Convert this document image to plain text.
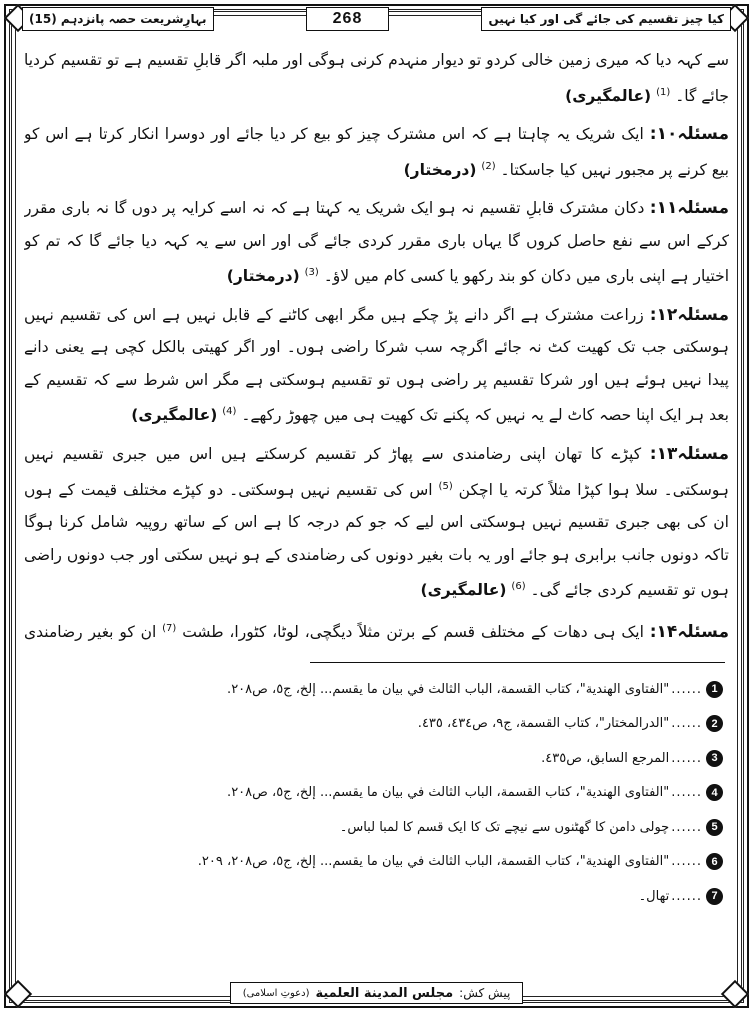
بہارِشریعت حصہ پانزدہم (15)	268	کیا چیز تقسیم کی جائے گی اور کیا نہیں

سے کہہ دیا کہ میری زمین خالی کردو تو دیوار منہدم کرنی ہوگی اور ملبہ اگر قابلِ تقسیم ہے تو تقسیم کردیا جائے گا۔ $^{(1)}$ (عالمگیری)

مسئلہ۱۰: ایک شریک یہ چاہتا ہے کہ اس مشترک چیز کو بیع کر دیا جائے اور دوسرا انکار کرتا ہے اس کو بیع کرنے پر مجبور نہیں کیا جاسکتا۔ $^{(2)}$ (درمختار)

مسئلہ۱۱: دکان مشترک قابلِ تقسیم نہ ہو ایک شریک یہ کہتا ہے کہ نہ اسے کرایہ پر دوں گا نہ باری مقرر کرکے اس سے نفع حاصل کروں گا یہاں باری مقرر کردی جائے گی اور اس سے یہ کہہ دیا جائے گا کہ تم کو اختیار ہے اپنی باری میں دکان کو بند رکھو یا کسی کام میں لاؤ۔ $^{(3)}$ (درمختار)

مسئلہ۱۲: زراعت مشترک ہے اگر دانے پڑ چکے ہیں مگر ابھی کاٹنے کے قابل نہیں ہے اس کی تقسیم نہیں ہوسکتی جب تک کھیت کٹ نہ جائے اگرچہ سب شرکا راضی ہوں۔ اور اگر کھیتی بالکل کچی ہے یعنی دانے پیدا نہیں ہوئے ہیں اور شرکا تقسیم پر راضی ہوں تو تقسیم ہوسکتی ہے مگر اس شرط سے کہ تقسیم کے بعد ہر ایک اپنا حصہ کاٹ لے یہ نہیں کہ پکنے تک کھیت ہی میں چھوڑ رکھے۔ $^{(4)}$ (عالمگیری)

مسئلہ۱۳: کپڑے کا تھان اپنی رضامندی سے پھاڑ کر تقسیم کرسکتے ہیں اس میں جبری تقسیم نہیں ہوسکتی۔ سلا ہوا کپڑا مثلاً کرتہ یا اچکن $^{(5)}$ اس کی تقسیم نہیں ہوسکتی۔ دو کپڑے مختلف قیمت کے ہوں ان کی بھی جبری تقسیم نہیں ہوسکتی اس لیے کہ جو کم درجہ کا ہے اس کے ساتھ روپیہ شامل کرنا ہوگا تاکہ دونوں جانب برابری ہو جائے اور یہ بات بغیر دونوں کی رضامندی کے ہو نہیں سکتی اور جب دونوں راضی ہوں تو تقسیم کردی جائے گی۔ $^{(6)}$ (عالمگیری)

مسئلہ۱۴: ایک ہی دھات کے مختلف قسم کے برتن مثلاً دیگچی، لوٹا، کٹورا، طشت $^{(7)}$ ان کو بغیر رضامندی

1
......
"الفتاوی الهندية"، كتاب القسمة، الباب الثالث في بيان ما يقسم... إلخ، ج٥، ص٢٠٨.
2
......
"الدرالمختار"، كتاب القسمة، ج٩، ص٤٣٤، ٤٣٥.
3
......
المرجع السابق، ص٤٣٥.
4
......
"الفتاوی الهندية"، كتاب القسمة، الباب الثالث في بيان ما يقسم... إلخ، ج٥، ص٢٠٨.
5
......
چولی دامن کا گھٹنوں سے نیچے تک کا ایک قسم کا لمبا لباس۔
6
......
"الفتاوی الهندية"، كتاب القسمة، الباب الثالث في بيان ما يقسم... إلخ، ج٥، ص٢٠٨، ٢٠٩.
7
......
تھال۔
پیش کش:
مجلس المدينة العلمية
(دعوتِ اسلامی)
